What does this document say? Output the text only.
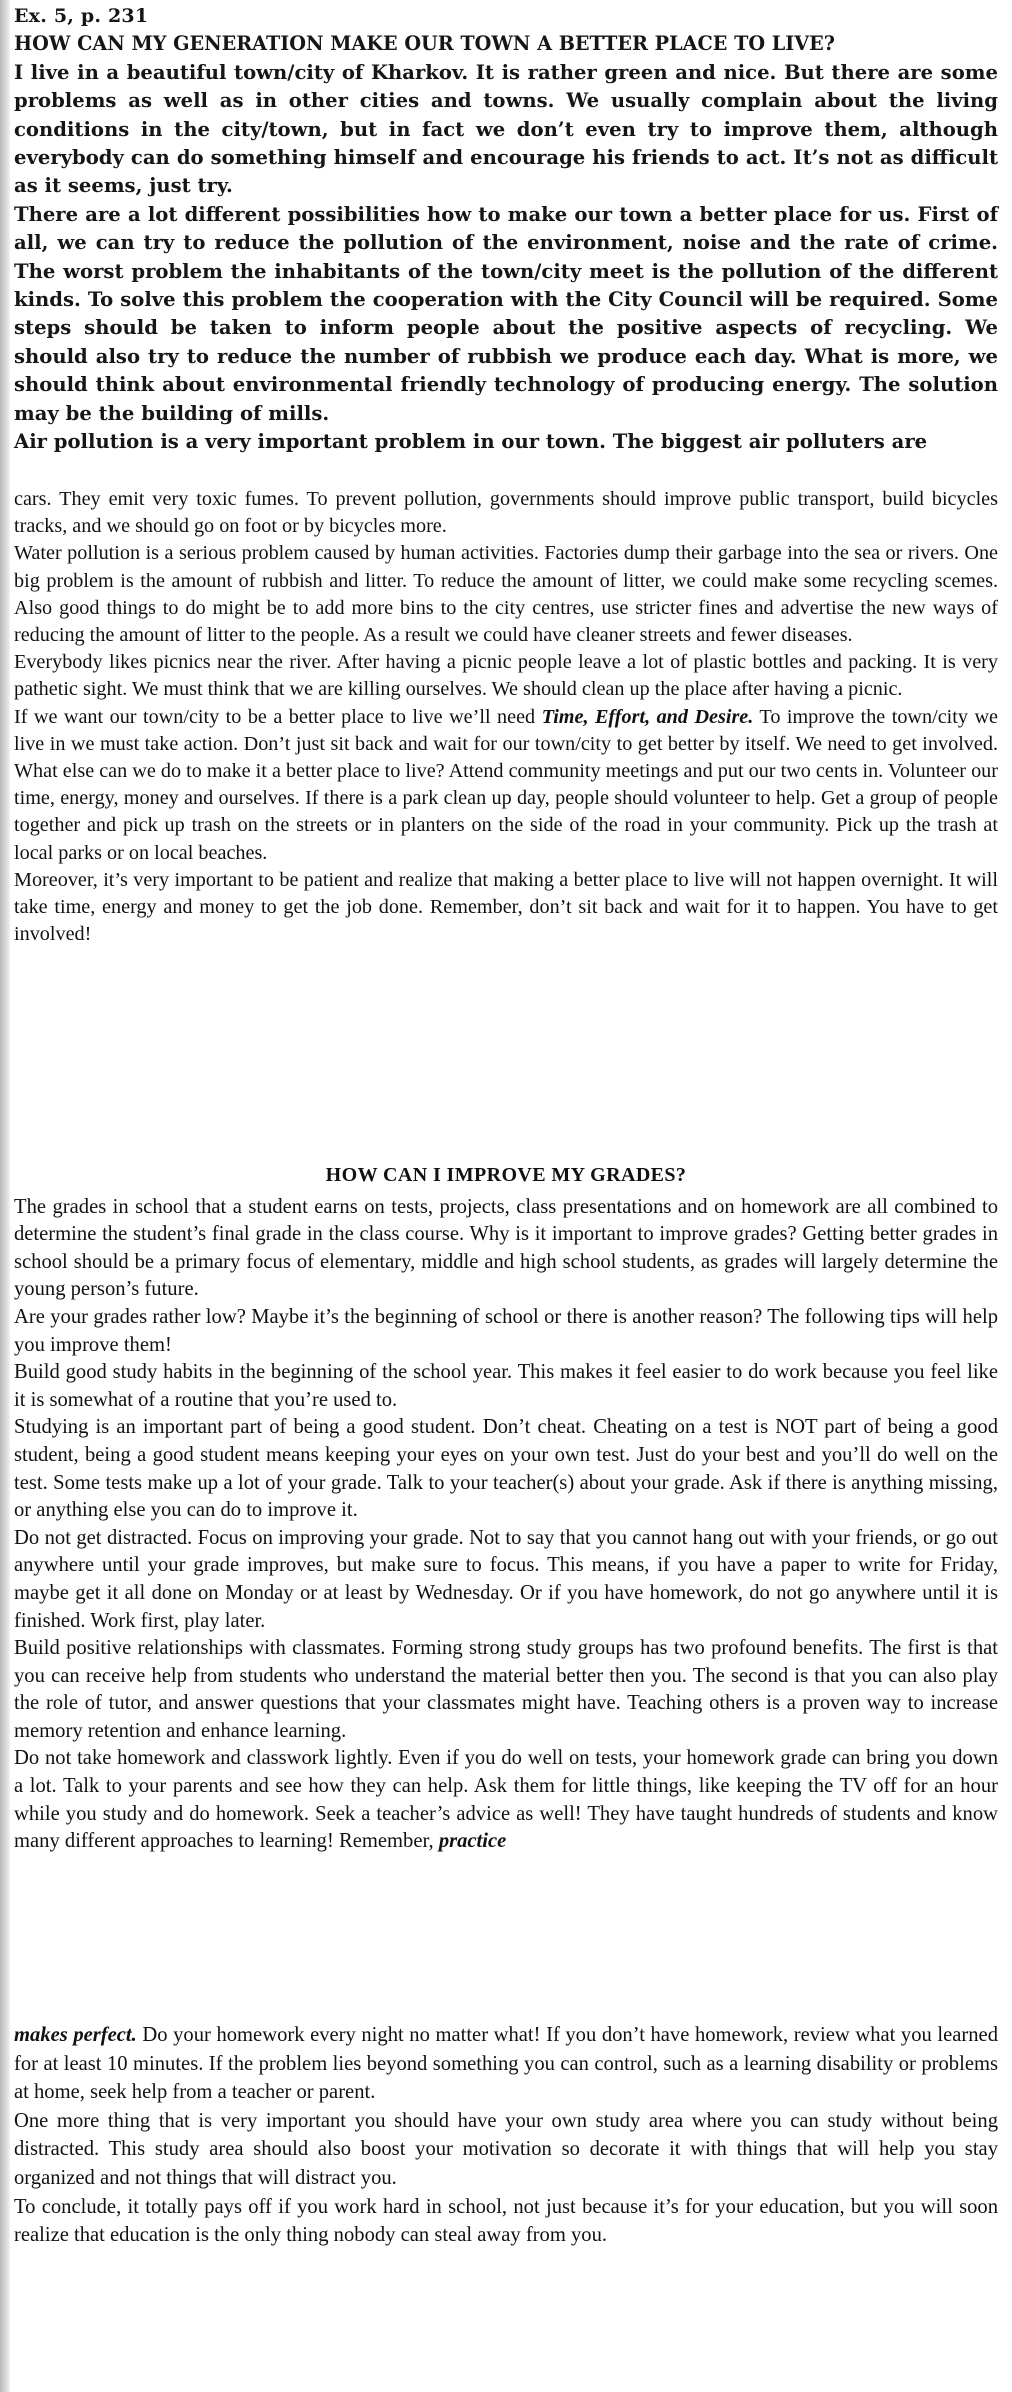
Ex. 5, p. 231

HOW CAN MY GENERATION MAKE OUR TOWN A BETTER PLACE TO LIVE?

I live in a beautiful town/city of Kharkov. It is rather green and nice. But there are some problems as well as in other cities and towns. We usually complain about the living conditions in the city/town, but in fact we don’t even try to improve them, although everybody can do something himself and encourage his friends to act. It’s not as difficult as it seems, just try.

There are a lot different possibilities how to make our town a better place for us. First of all, we can try to reduce the pollution of the environment, noise and the rate of crime. The worst problem the inhabitants of the town/city meet is the pollution of the different kinds. To solve this problem the cooperation with the City Council will be required. Some steps should be taken to inform people about the positive aspects of recycling. We should also try to reduce the number of rubbish we produce each day. What is more, we should think about environmental friendly technology of producing energy. The solution may be the building of mills.

Air pollution is a very important problem in our town. The biggest air polluters are

cars. They emit very toxic fumes. To prevent pollution, governments should improve public transport, build bicycles tracks, and we should go on foot or by bicycles more.

Water pollution is a serious problem caused by human activities. Factories dump their garbage into the sea or rivers. One big problem is the amount of rubbish and litter. To reduce the amount of litter, we could make some recycling scemes. Also good things to do might be to add more bins to the city centres, use stricter fines and advertise the new ways of reducing the amount of litter to the people. As a result we could have cleaner streets and fewer diseases.

Everybody likes picnics near the river. After having a picnic people leave a lot of plastic bottles and packing. It is very pathetic sight. We must think that we are killing ourselves. We should clean up the place after having a picnic.

If we want our town/city to be a better place to live we’ll need Time, Effort, and Desire. To improve the town/city we live in we must take action. Don’t just sit back and wait for our town/city to get better by itself. We need to get involved. What else can we do to make it a better place to live? Attend community meetings and put our two cents in. Volunteer our time, energy, money and ourselves. If there is a park clean up day, people should volunteer to help. Get a group of people together and pick up trash on the streets or in planters on the side of the road in your community. Pick up the trash at local parks or on local beaches.

Moreover, it’s very important to be patient and realize that making a better place to live will not happen overnight. It will take time, energy and money to get the job done. Remember, don’t sit back and wait for it to happen. You have to get involved!

HOW CAN I IMPROVE MY GRADES?

The grades in school that a student earns on tests, projects, class presentations and on homework are all combined to determine the student’s final grade in the class course. Why is it important to improve grades? Getting better grades in school should be a primary focus of elementary, middle and high school students, as grades will largely determine the young person’s future.

Are your grades rather low? Maybe it’s the beginning of school or there is another reason? The following tips will help you improve them!

Build good study habits in the beginning of the school year. This makes it feel easier to do work because you feel like it is somewhat of a routine that you’re used to.

Studying is an important part of being a good student. Don’t cheat. Cheating on a test is NOT part of being a good student, being a good student means keeping your eyes on your own test. Just do your best and you’ll do well on the test. Some tests make up a lot of your grade. Talk to your teacher(s) about your grade. Ask if there is anything missing, or anything else you can do to improve it.

Do not get distracted. Focus on improving your grade. Not to say that you cannot hang out with your friends, or go out anywhere until your grade improves, but make sure to focus. This means, if you have a paper to write for Friday, maybe get it all done on Monday or at least by Wednesday. Or if you have homework, do not go anywhere until it is finished. Work first, play later.

Build positive relationships with classmates. Forming strong study groups has two profound benefits. The first is that you can receive help from students who understand the material better then you. The second is that you can also play the role of tutor, and answer questions that your classmates might have. Teaching others is a proven way to increase memory retention and enhance learning.

Do not take homework and classwork lightly. Even if you do well on tests, your homework grade can bring you down a lot. Talk to your parents and see how they can help. Ask them for little things, like keeping the TV off for an hour while you study and do homework. Seek a teacher’s advice as well! They have taught hundreds of students and know many different approaches to learning! Remember, practice

makes perfect. Do your homework every night no matter what! If you don’t have homework, review what you learned for at least 10 minutes. If the problem lies beyond something you can control, such as a learning disability or problems at home, seek help from a teacher or parent.

One more thing that is very important you should have your own study area where you can study without being distracted. This study area should also boost your motivation so decorate it with things that will help you stay organized and not things that will distract you.

To conclude, it totally pays off if you work hard in school, not just because it’s for your education, but you will soon realize that education is the only thing nobody can steal away from you.
